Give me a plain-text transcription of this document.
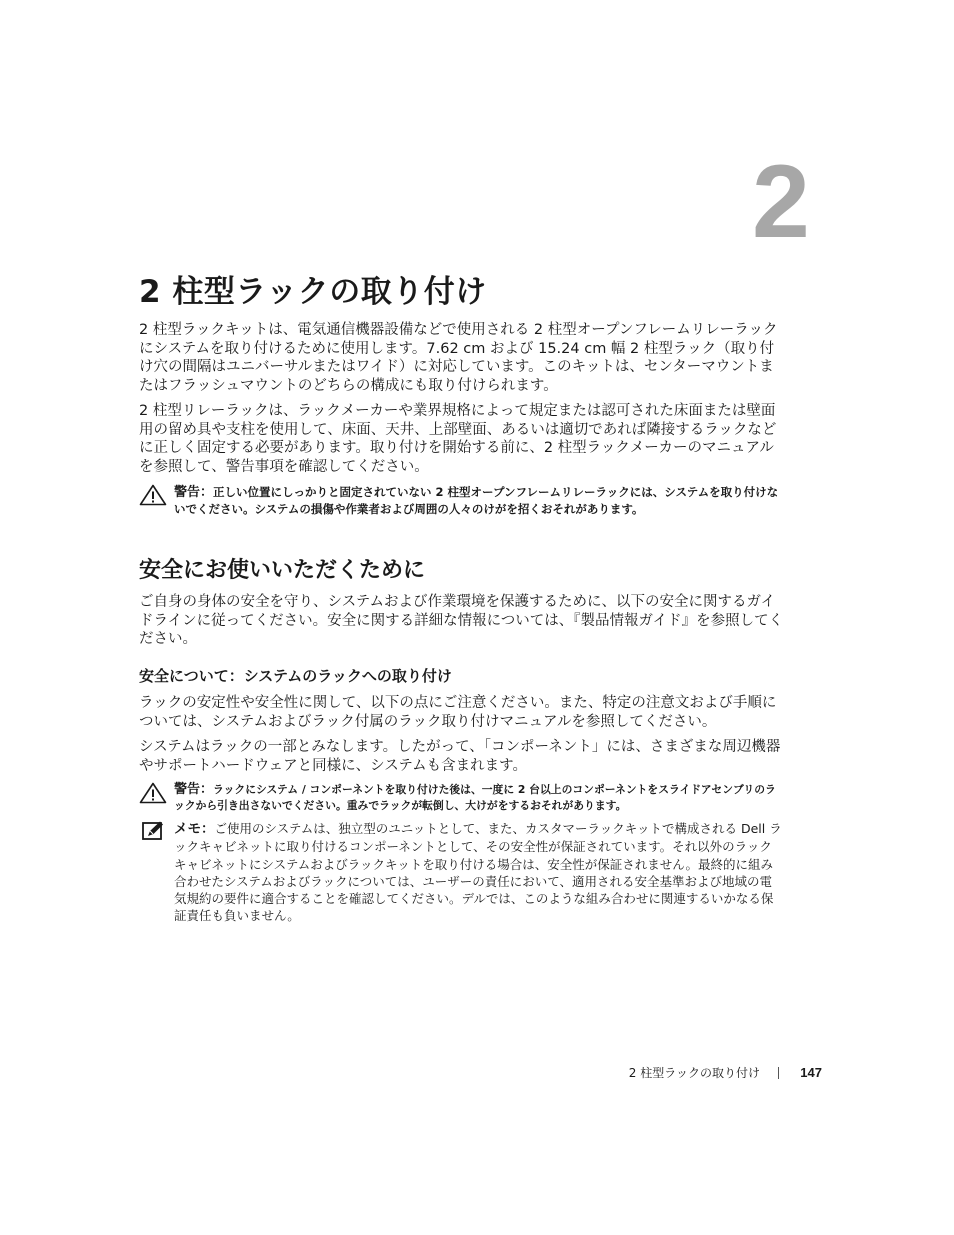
2
2 柱型ラックの取り付け

2 柱型ラックキットは、電気通信機器設備などで使用される 2 柱型オープンフレームリレーラックにシステムを取り付けるために使用します。7.62 cm および 15.24 cm 幅 2 柱型ラック（取り付け穴の間隔はユニバーサルまたはワイド）に対応しています。このキットは、センターマウントまたはフラッシュマウントのどちらの構成にも取り付けられます。

2 柱型リレーラックは、ラックメーカーや業界規格によって規定または認可された床面または壁面用の留め具や支柱を使用して、床面、天井、上部壁面、あるいは適切であれば隣接するラックなどに正しく固定する必要があります。取り付けを開始する前に、2 柱型ラックメーカーのマニュアルを参照して、警告事項を確認してください。

警告：正しい位置にしっかりと固定されていない 2 柱型オープンフレームリレーラックには、システムを取り付けないでください。システムの損傷や作業者および周囲の人々のけがを招くおそれがあります。
安全にお使いいただくために

ご自身の身体の安全を守り、システムおよび作業環境を保護するために、以下の安全に関するガイドラインに従ってください。安全に関する詳細な情報については、『製品情報ガイド』を参照してください。

安全について：システムのラックへの取り付け

ラックの安定性や安全性に関して、以下の点にご注意ください。また、特定の注意文および手順については、システムおよびラック付属のラック取り付けマニュアルを参照してください。

システムはラックの一部とみなします。したがって、「コンポーネント」には、さまざまな周辺機器やサポートハードウェアと同様に、システムも含まれます。

警告：ラックにシステム / コンポーネントを取り付けた後は、一度に 2 台以上のコンポーネントをスライドアセンブリのラックから引き出さないでください。重みでラックが転倒し、大けがをするおそれがあります。
メモ：ご使用のシステムは、独立型のユニットとして、また、カスタマーラックキットで構成される Dell ラックキャビネットに取り付けるコンポーネントとして、その安全性が保証されています。それ以外のラックキャビネットにシステムおよびラックキットを取り付ける場合は、安全性が保証されません。最終的に組み合わせたシステムおよびラックについては、ユーザーの責任において、適用される安全基準および地域の電気規約の要件に適合することを確認してください。デルでは、このような組み合わせに関連するいかなる保証責任も負いません。
2 柱型ラックの取り付け	147
